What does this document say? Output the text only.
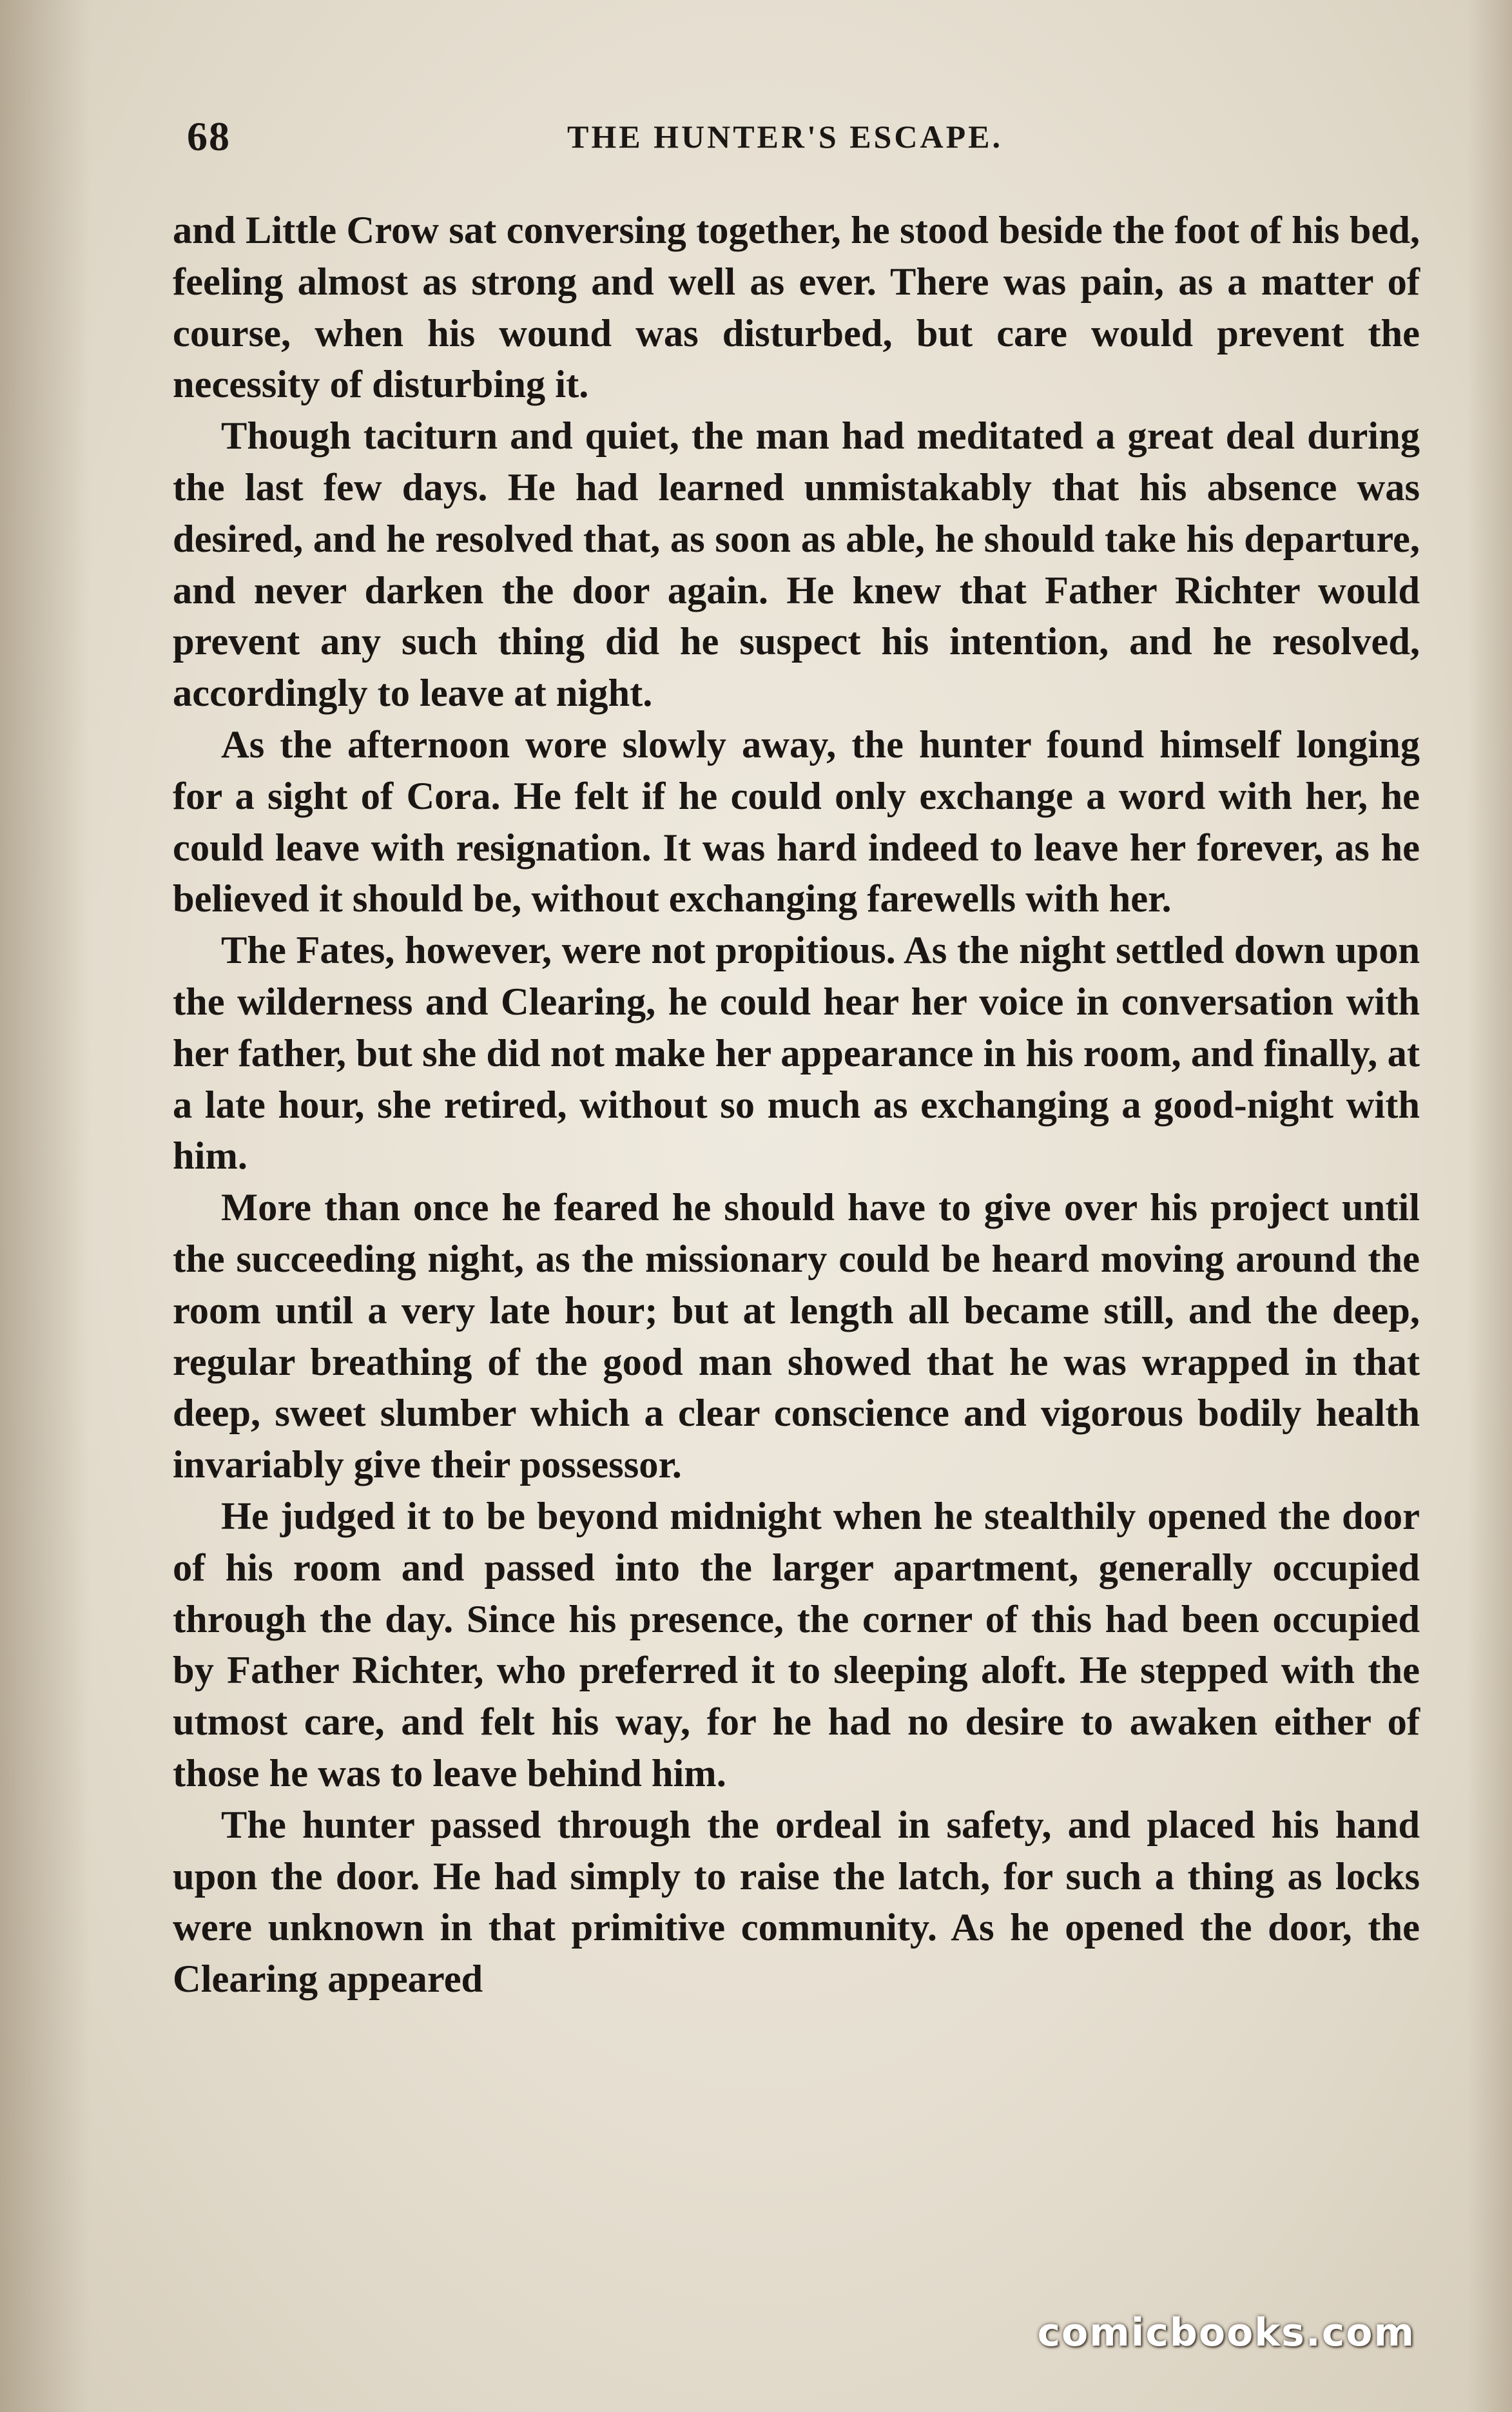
68	THE HUNTER'S ESCAPE.

and Little Crow sat conversing together, he stood beside the foot of his bed, feeling almost as strong and well as ever. There was pain, as a matter of course, when his wound was disturbed, but care would prevent the necessity of disturbing it.

Though taciturn and quiet, the man had meditated a great deal during the last few days. He had learned unmistakably that his absence was desired, and he resolved that, as soon as able, he should take his departure, and never darken the door again. He knew that Father Richter would prevent any such thing did he suspect his intention, and he resolved, accordingly to leave at night.

As the afternoon wore slowly away, the hunter found himself longing for a sight of Cora. He felt if he could only exchange a word with her, he could leave with resignation. It was hard indeed to leave her forever, as he believed it should be, without exchanging farewells with her.

The Fates, however, were not propitious. As the night settled down upon the wilderness and Clearing, he could hear her voice in conversation with her father, but she did not make her appearance in his room, and finally, at a late hour, she retired, without so much as exchanging a good-night with him.

More than once he feared he should have to give over his project until the succeeding night, as the missionary could be heard moving around the room until a very late hour; but at length all became still, and the deep, regular breathing of the good man showed that he was wrapped in that deep, sweet slumber which a clear conscience and vigorous bodily health invariably give their possessor.

He judged it to be beyond midnight when he stealthily opened the door of his room and passed into the larger apartment, generally occupied through the day. Since his presence, the corner of this had been occupied by Father Richter, who preferred it to sleeping aloft. He stepped with the utmost care, and felt his way, for he had no desire to awaken either of those he was to leave behind him.

The hunter passed through the ordeal in safety, and placed his hand upon the door. He had simply to raise the latch, for such a thing as locks were unknown in that primitive community. As he opened the door, the Clearing appeared

comicbooks.com
